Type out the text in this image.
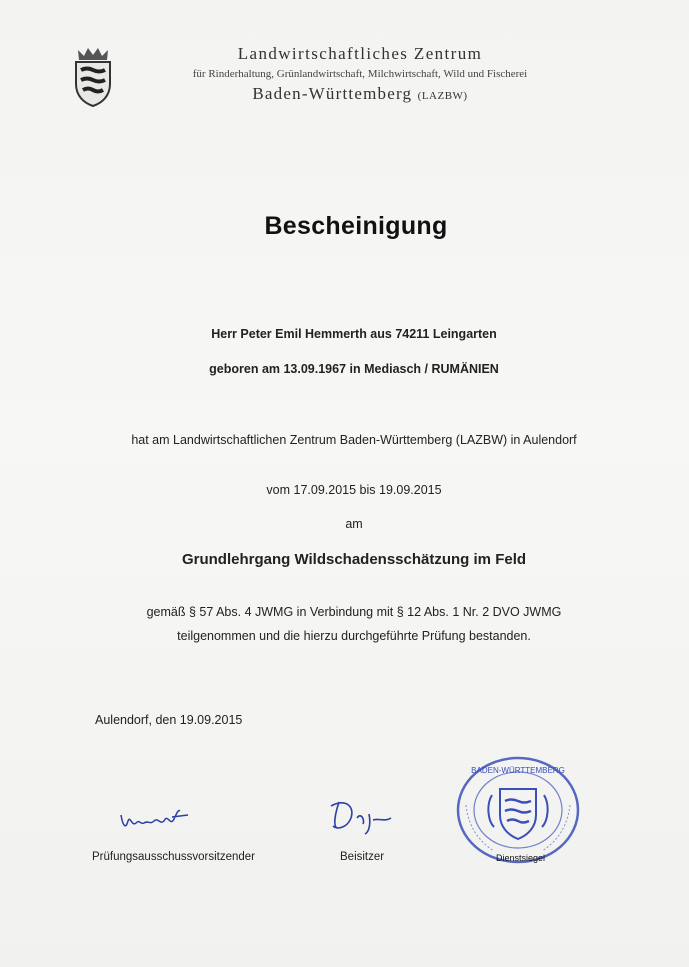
Landwirtschaftliches Zentrum
für Rinderhaltung, Grünlandwirtschaft, Milchwirtschaft, Wild und Fischerei
Baden-Württemberg (LAZBW)
Bescheinigung
Herr Peter Emil Hemmerth aus 74211 Leingarten
geboren am 13.09.1967 in Mediasch / RUMÄNIEN
hat am Landwirtschaftlichen Zentrum Baden-Württemberg (LAZBW) in Aulendorf
vom 17.09.2015 bis 19.09.2015
am
Grundlehrgang Wildschadensschätzung im Feld
gemäß § 57 Abs. 4 JWMG in Verbindung mit § 12 Abs. 1 Nr. 2 DVO JWMG
teilgenommen und die hierzu durchgeführte Prüfung bestanden.
Aulendorf, den 19.09.2015
Prüfungsausschussvorsitzender	Beisitzer
BADEN-WÜRTTEMBERG
Dienstsiegel
